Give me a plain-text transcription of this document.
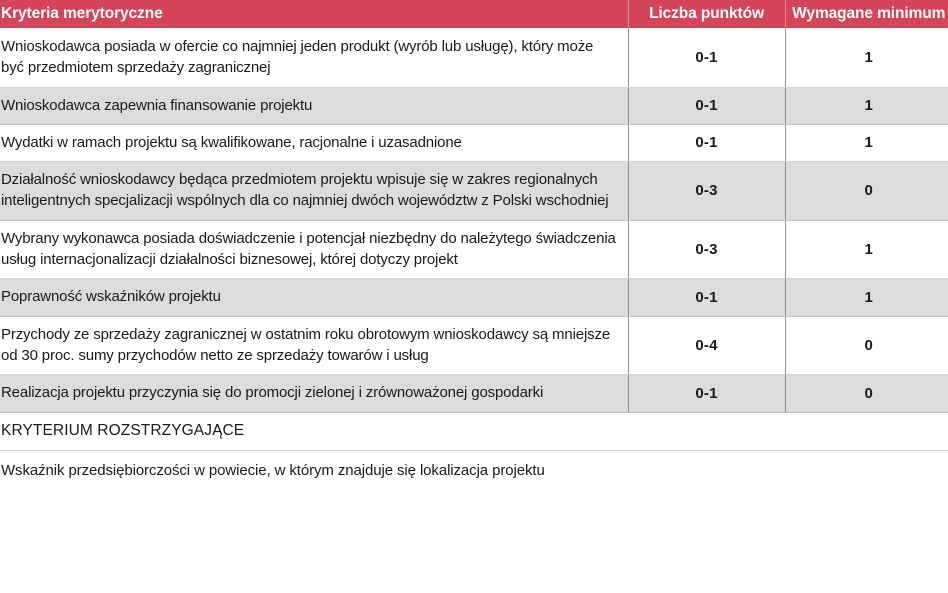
Kryteria merytoryczne	Liczba punktów	Wymagane minimum
Wnioskodawca posiada w ofercie co najmniej jeden produkt (wyrób lub usługę), który może być przedmiotem sprzedaży zagranicznej	0-1	1
Wnioskodawca zapewnia finansowanie projektu	0-1	1
Wydatki w ramach projektu są kwalifikowane, racjonalne i uzasadnione	0-1	1
Działalność wnioskodawcy będąca przedmiotem projektu wpisuje się w zakres regionalnych inteligentnych specjalizacji wspólnych dla co najmniej dwóch województw z Polski wschodniej	0-3	0
Wybrany wykonawca posiada doświadczenie i potencjał niezbędny do należytego świadczenia usług internacjonalizacji działalności biznesowej, której dotyczy projekt	0-3	1
Poprawność wskaźników projektu	0-1	1
Przychody ze sprzedaży zagranicznej w ostatnim roku obrotowym wnioskodawcy są mniejsze od 30 proc. sumy przychodów netto ze sprzedaży towarów i usług	0-4	0
Realizacja projektu przyczynia się do promocji zielonej i zrównoważonej gospodarki	0-1	0
KRYTERIUM ROZSTRZYGAJĄCE
Wskaźnik przedsiębiorczości w powiecie, w którym znajduje się lokalizacja projektu
